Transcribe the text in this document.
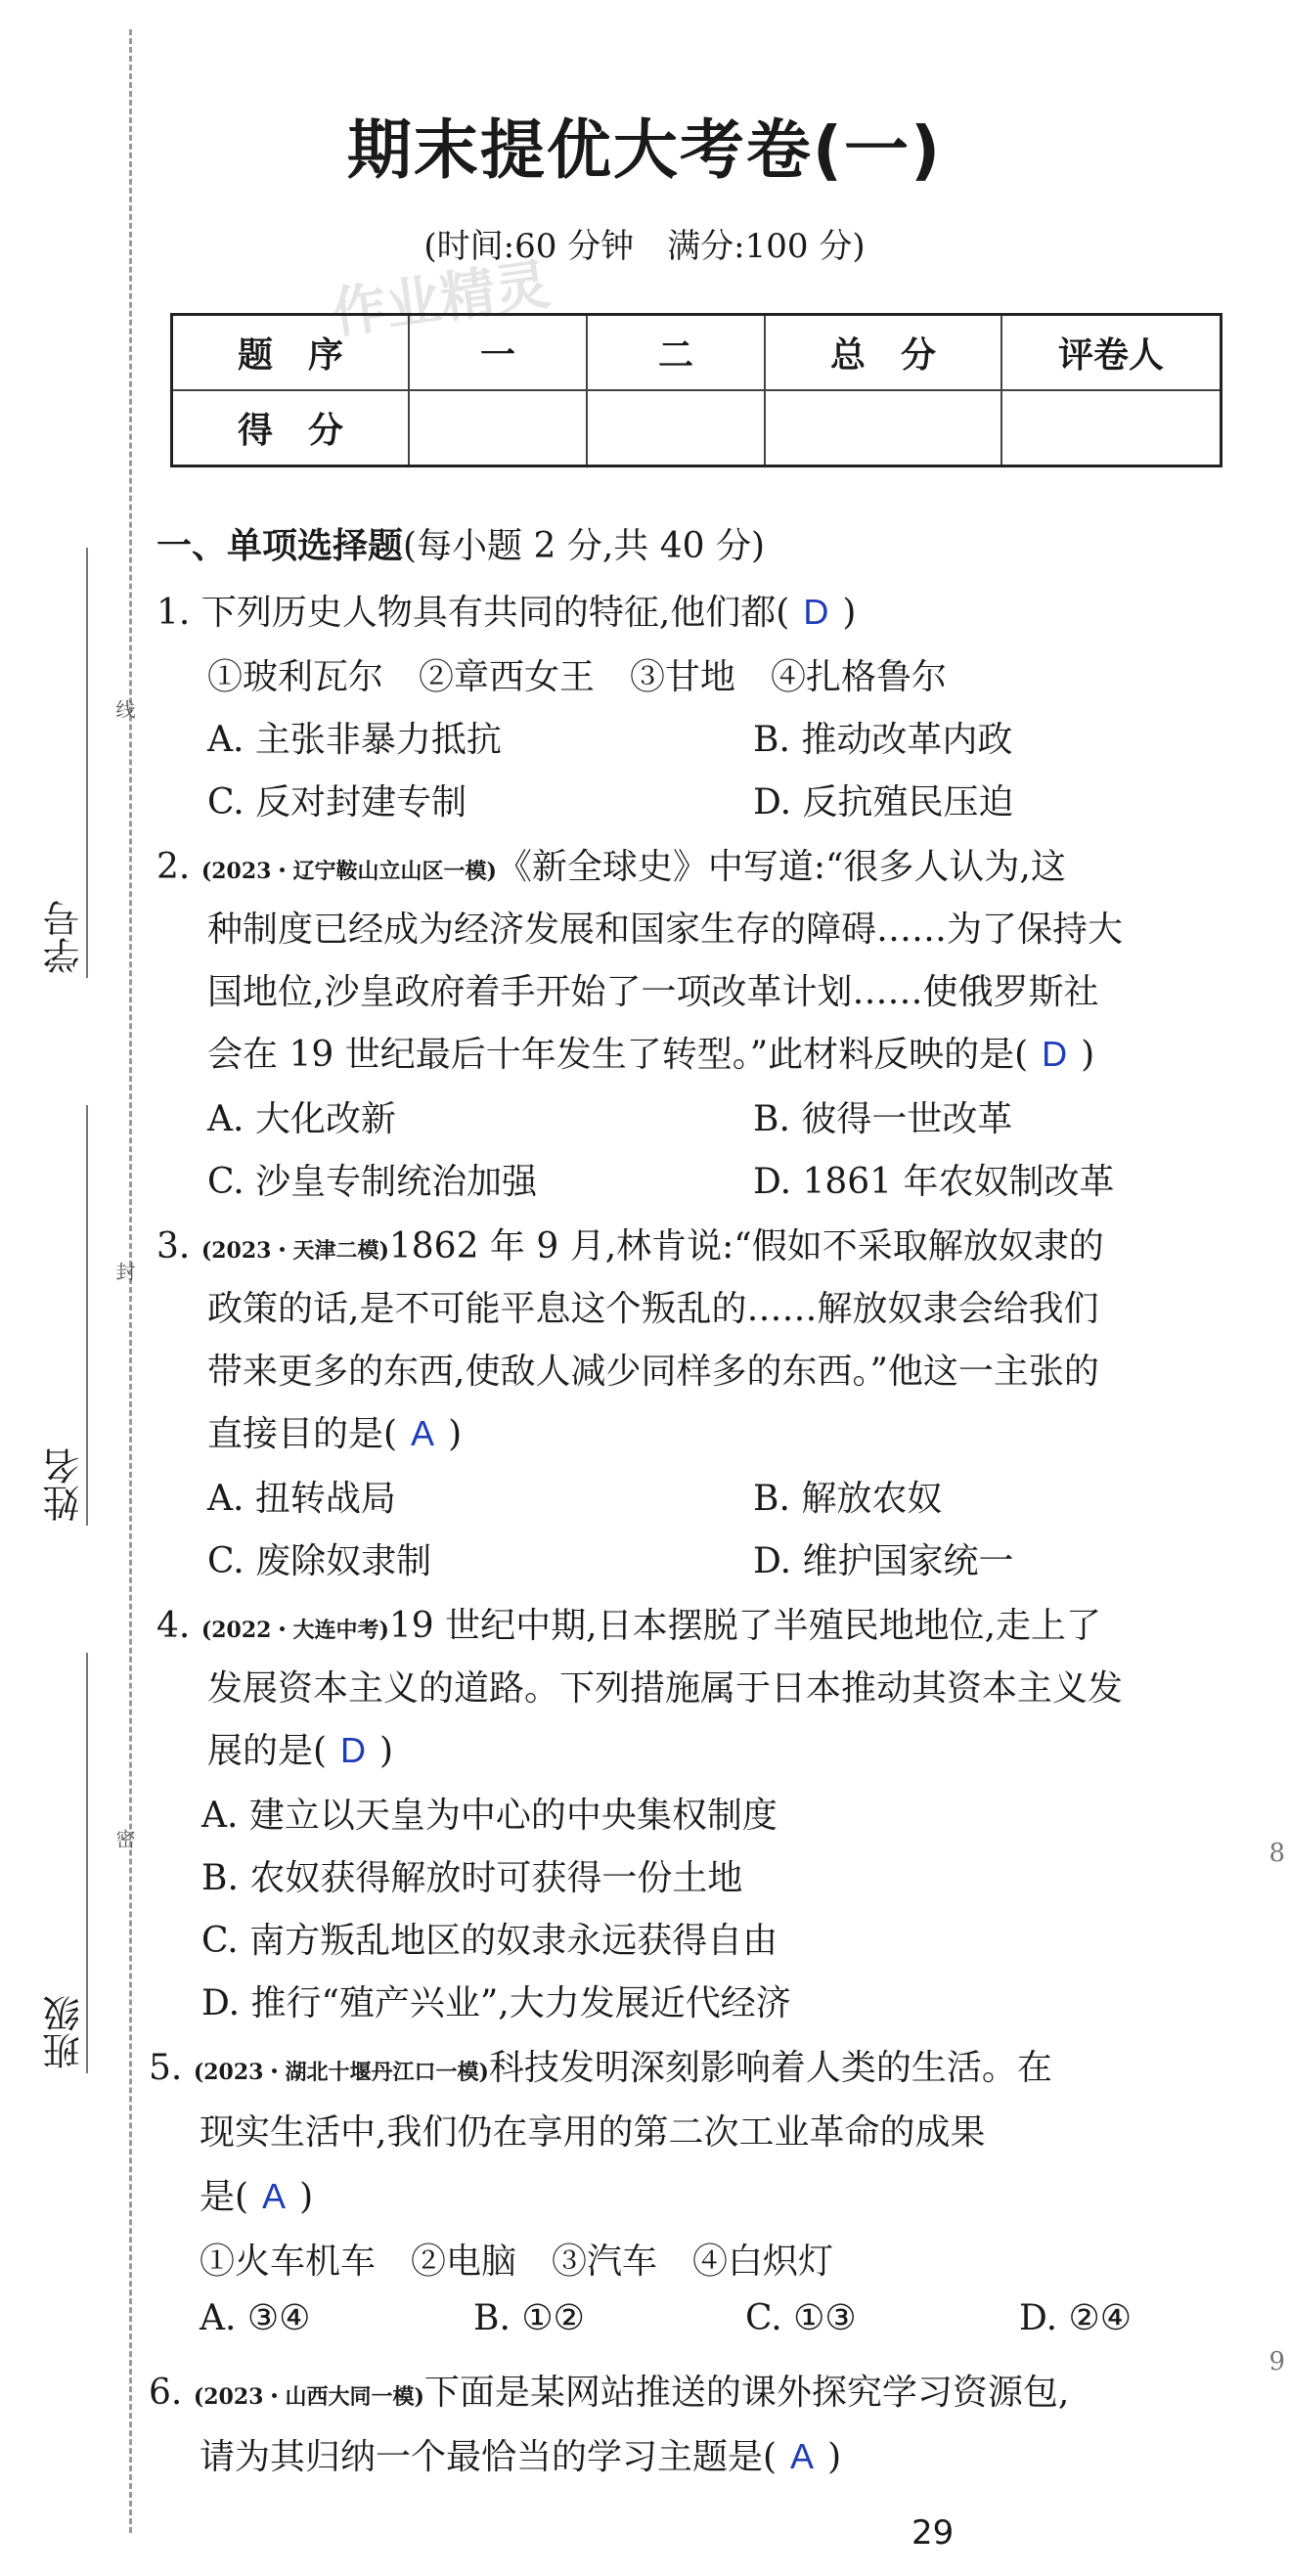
学号
线
姓名
封
班级
密
期末提优大考卷(一)
(时间:60 分钟　满分:100 分)
作业精灵
题　序	一	二	总　分	评卷人
得　分				
一、单项选择题(每小题 2 分,共 40 分)
1. 下列历史人物具有共同的特征,他们都( D )
①玻利瓦尔　②章西女王　③甘地　④扎格鲁尔
A. 主张非暴力抵抗	B. 推动改革内政
C. 反对封建专制	D. 反抗殖民压迫
2. (2023・辽宁鞍山立山区一模)《新全球史》中写道:“很多人认为,这
种制度已经成为经济发展和国家生存的障碍……为了保持大
国地位,沙皇政府着手开始了一项改革计划……使俄罗斯社
会在 19 世纪最后十年发生了转型。”此材料反映的是( D )
A. 大化改新	B. 彼得一世改革
C. 沙皇专制统治加强	D. 1861 年农奴制改革
3. (2023・天津二模)1862 年 9 月,林肯说:“假如不采取解放奴隶的
政策的话,是不可能平息这个叛乱的……解放奴隶会给我们
带来更多的东西,使敌人减少同样多的东西。”他这一主张的
直接目的是( A )
A. 扭转战局	B. 解放农奴
C. 废除奴隶制	D. 维护国家统一
4. (2022・大连中考)19 世纪中期,日本摆脱了半殖民地地位,走上了
发展资本主义的道路。下列措施属于日本推动其资本主义发
展的是( D )
A. 建立以天皇为中心的中央集权制度
B. 农奴获得解放时可获得一份土地
C. 南方叛乱地区的奴隶永远获得自由
D. 推行“殖产兴业”,大力发展近代经济
5. (2023・湖北十堰丹江口一模)科技发明深刻影响着人类的生活。在
现实生活中,我们仍在享用的第二次工业革命的成果
是( A )
①火车机车　②电脑　③汽车　④白炽灯
A. ③④	B. ①②	C. ①③	D. ②④
6. (2023・山西大同一模)下面是某网站推送的课外探究学习资源包,
请为其归纳一个最恰当的学习主题是( A )
29
8
9
